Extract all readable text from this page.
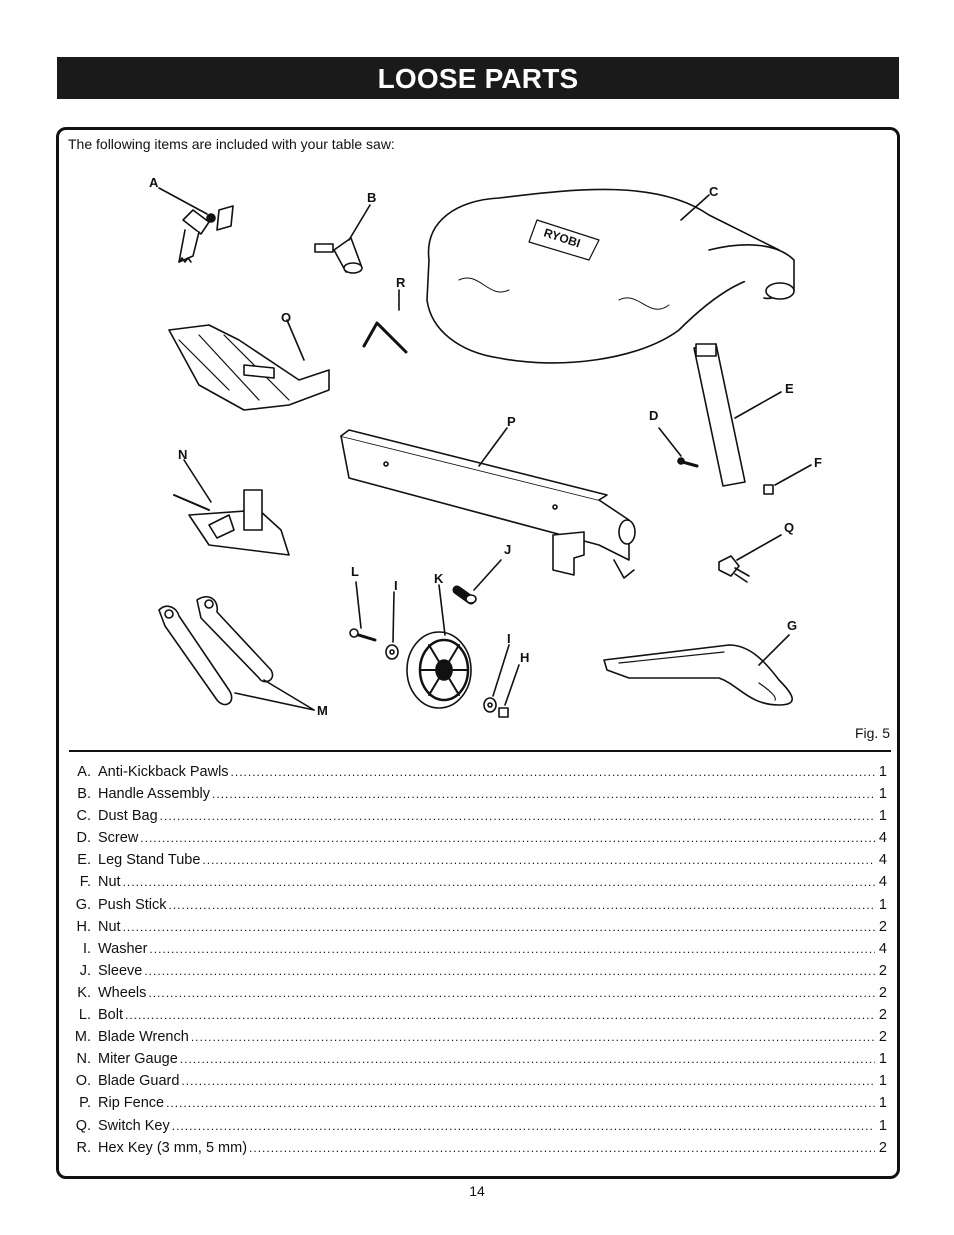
LOOSE PARTS
The following items are included with your table saw:
RYOBI
A
B	C
R
O
E
D
P
N
F
Q
J
L
I	K
I
H
G
M
Fig. 5
A. Anti-Kickback Pawls .....	1
B. Handle Assembly .....	1
C. Dust Bag .....	1
D. Screw .....	4
E. Leg Stand Tube .....	4
F. Nut .....	4
G. Push Stick .....	1
H. Nut .....	2
I. Washer .....	4
J. Sleeve .....	2
K. Wheels .....	2
L. Bolt .....	2
M. Blade Wrench .....	2
N. Miter Gauge .....	1
O. Blade Guard .....	1
P. Rip Fence .....	1
Q. Switch Key .....	1
R. Hex Key (3 mm, 5 mm) .....	2
14
